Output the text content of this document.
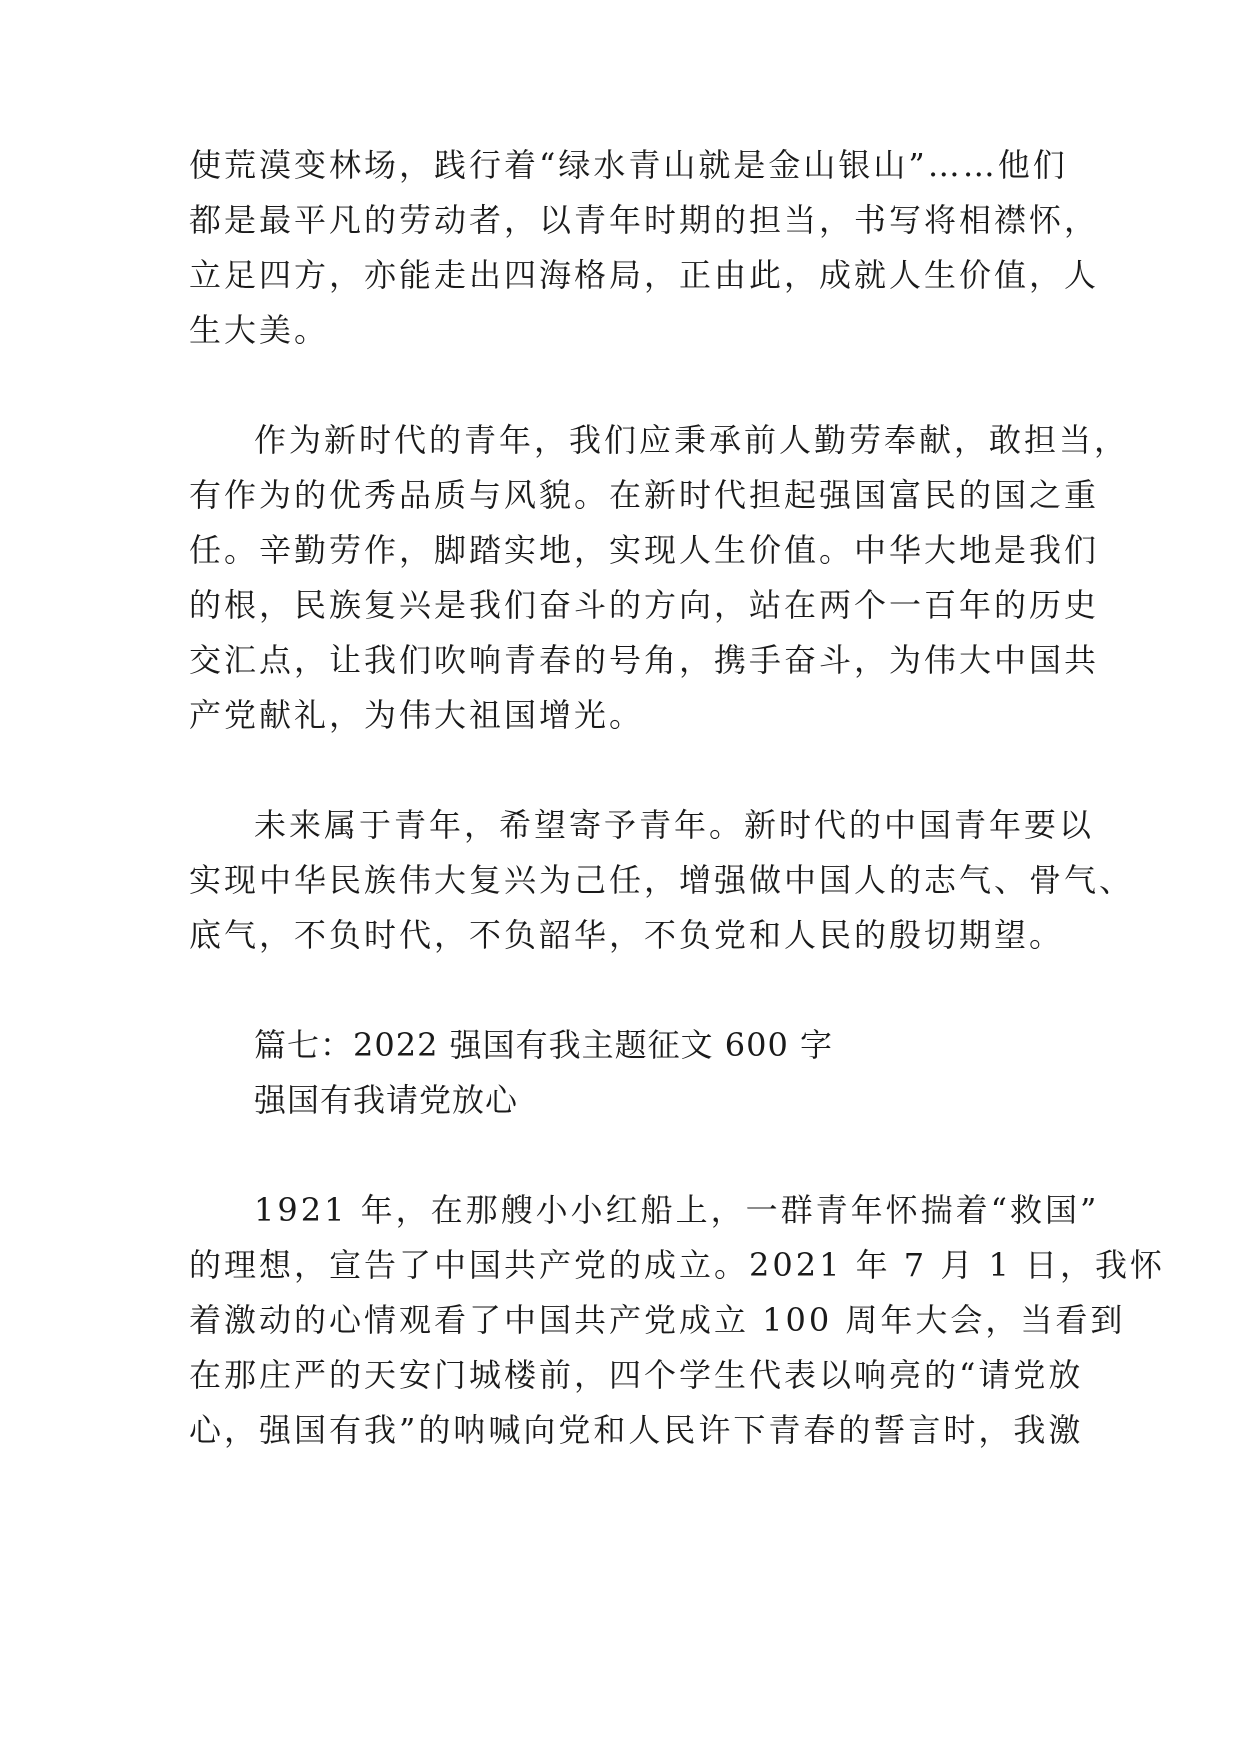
使荒漠变林场，践行着“绿水青山就是金山银山”……他们
都是最平凡的劳动者，以青年时期的担当，书写将相襟怀，
立足四方，亦能走出四海格局，正由此，成就人生价值，人
生大美。
作为新时代的青年，我们应秉承前人勤劳奉献，敢担当，
有作为的优秀品质与风貌。在新时代担起强国富民的国之重
任。辛勤劳作，脚踏实地，实现人生价值。中华大地是我们
的根，民族复兴是我们奋斗的方向，站在两个一百年的历史
交汇点，让我们吹响青春的号角，携手奋斗，为伟大中国共
产党献礼，为伟大祖国增光。
未来属于青年，希望寄予青年。新时代的中国青年要以
实现中华民族伟大复兴为己任，增强做中国人的志气、骨气、
底气，不负时代，不负韶华，不负党和人民的殷切期望。
篇七：2022 强国有我主题征文 600 字
强国有我请党放心
1921 年，在那艘小小红船上，一群青年怀揣着“救国”
的理想，宣告了中国共产党的成立。2021 年 7 月 1 日，我怀
着激动的心情观看了中国共产党成立 100 周年大会，当看到
在那庄严的天安门城楼前，四个学生代表以响亮的“请党放
心，强国有我”的呐喊向党和人民许下青春的誓言时，我激
